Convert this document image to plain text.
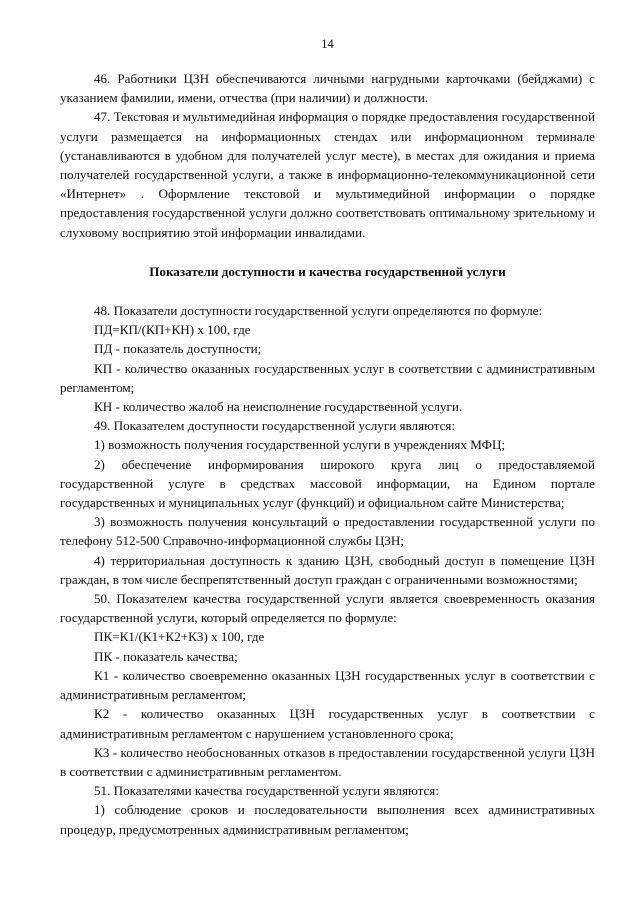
14

46. Работники ЦЗН обеспечиваются личными нагрудными карточками (бейджами) с указанием фамилии, имени, отчества (при наличии) и должности.

47. Текстовая и мультимедийная информация о порядке предоставления государственной услуги размещается на информационных стендах или информационном терминале (устанавливаются в удобном для получателей услуг месте), в местах для ожидания и приема получателей государственной услуги, а также в информационно-телекоммуникационной сети «Интернет» . Оформление текстовой и мультимедийной информации о порядке предоставления государственной услуги должно соответствовать оптимальному зрительному и слуховому восприятию этой информации инвалидами.

Показатели доступности и качества государственной услуги

48. Показатели доступности государственной услуги определяются по формуле:

ПД=КП/(КП+КН) x 100, где

ПД - показатель доступности;

КП - количество оказанных государственных услуг в соответствии с административным регламентом;

КН - количество жалоб на неисполнение государственной услуги.

49. Показателем доступности государственной услуги являются:

1) возможность получения государственной услуги в учреждениях МФЦ;

2) обеспечение информирования широкого круга лиц о предоставляемой государственной услуге в средствах массовой информации, на Едином портале государственных и муниципальных услуг (функций) и официальном сайте Министерства;

3) возможность получения консультаций о предоставлении государственной услуги по телефону 512-500 Справочно-информационной службы ЦЗН;

4) территориальная доступность к зданию ЦЗН, свободный доступ в помещение ЦЗН граждан, в том числе беспрепятственный доступ граждан с ограниченными возможностями;

50. Показателем качества государственной услуги является своевременность оказания государственной услуги, который определяется по формуле:

ПК=К1/(К1+К2+К3) x 100, где

ПК - показатель качества;

К1 - количество своевременно оказанных ЦЗН государственных услуг в соответствии с административным регламентом;

К2 - количество оказанных ЦЗН государственных услуг в соответствии с административным регламентом с нарушением установленного срока;

К3 - количество необоснованных отказов в предоставлении государственной услуги ЦЗН в соответствии с административным регламентом.

51. Показателями качества государственной услуги являются:

1) соблюдение сроков и последовательности выполнения всех административных процедур, предусмотренных административным регламентом;
